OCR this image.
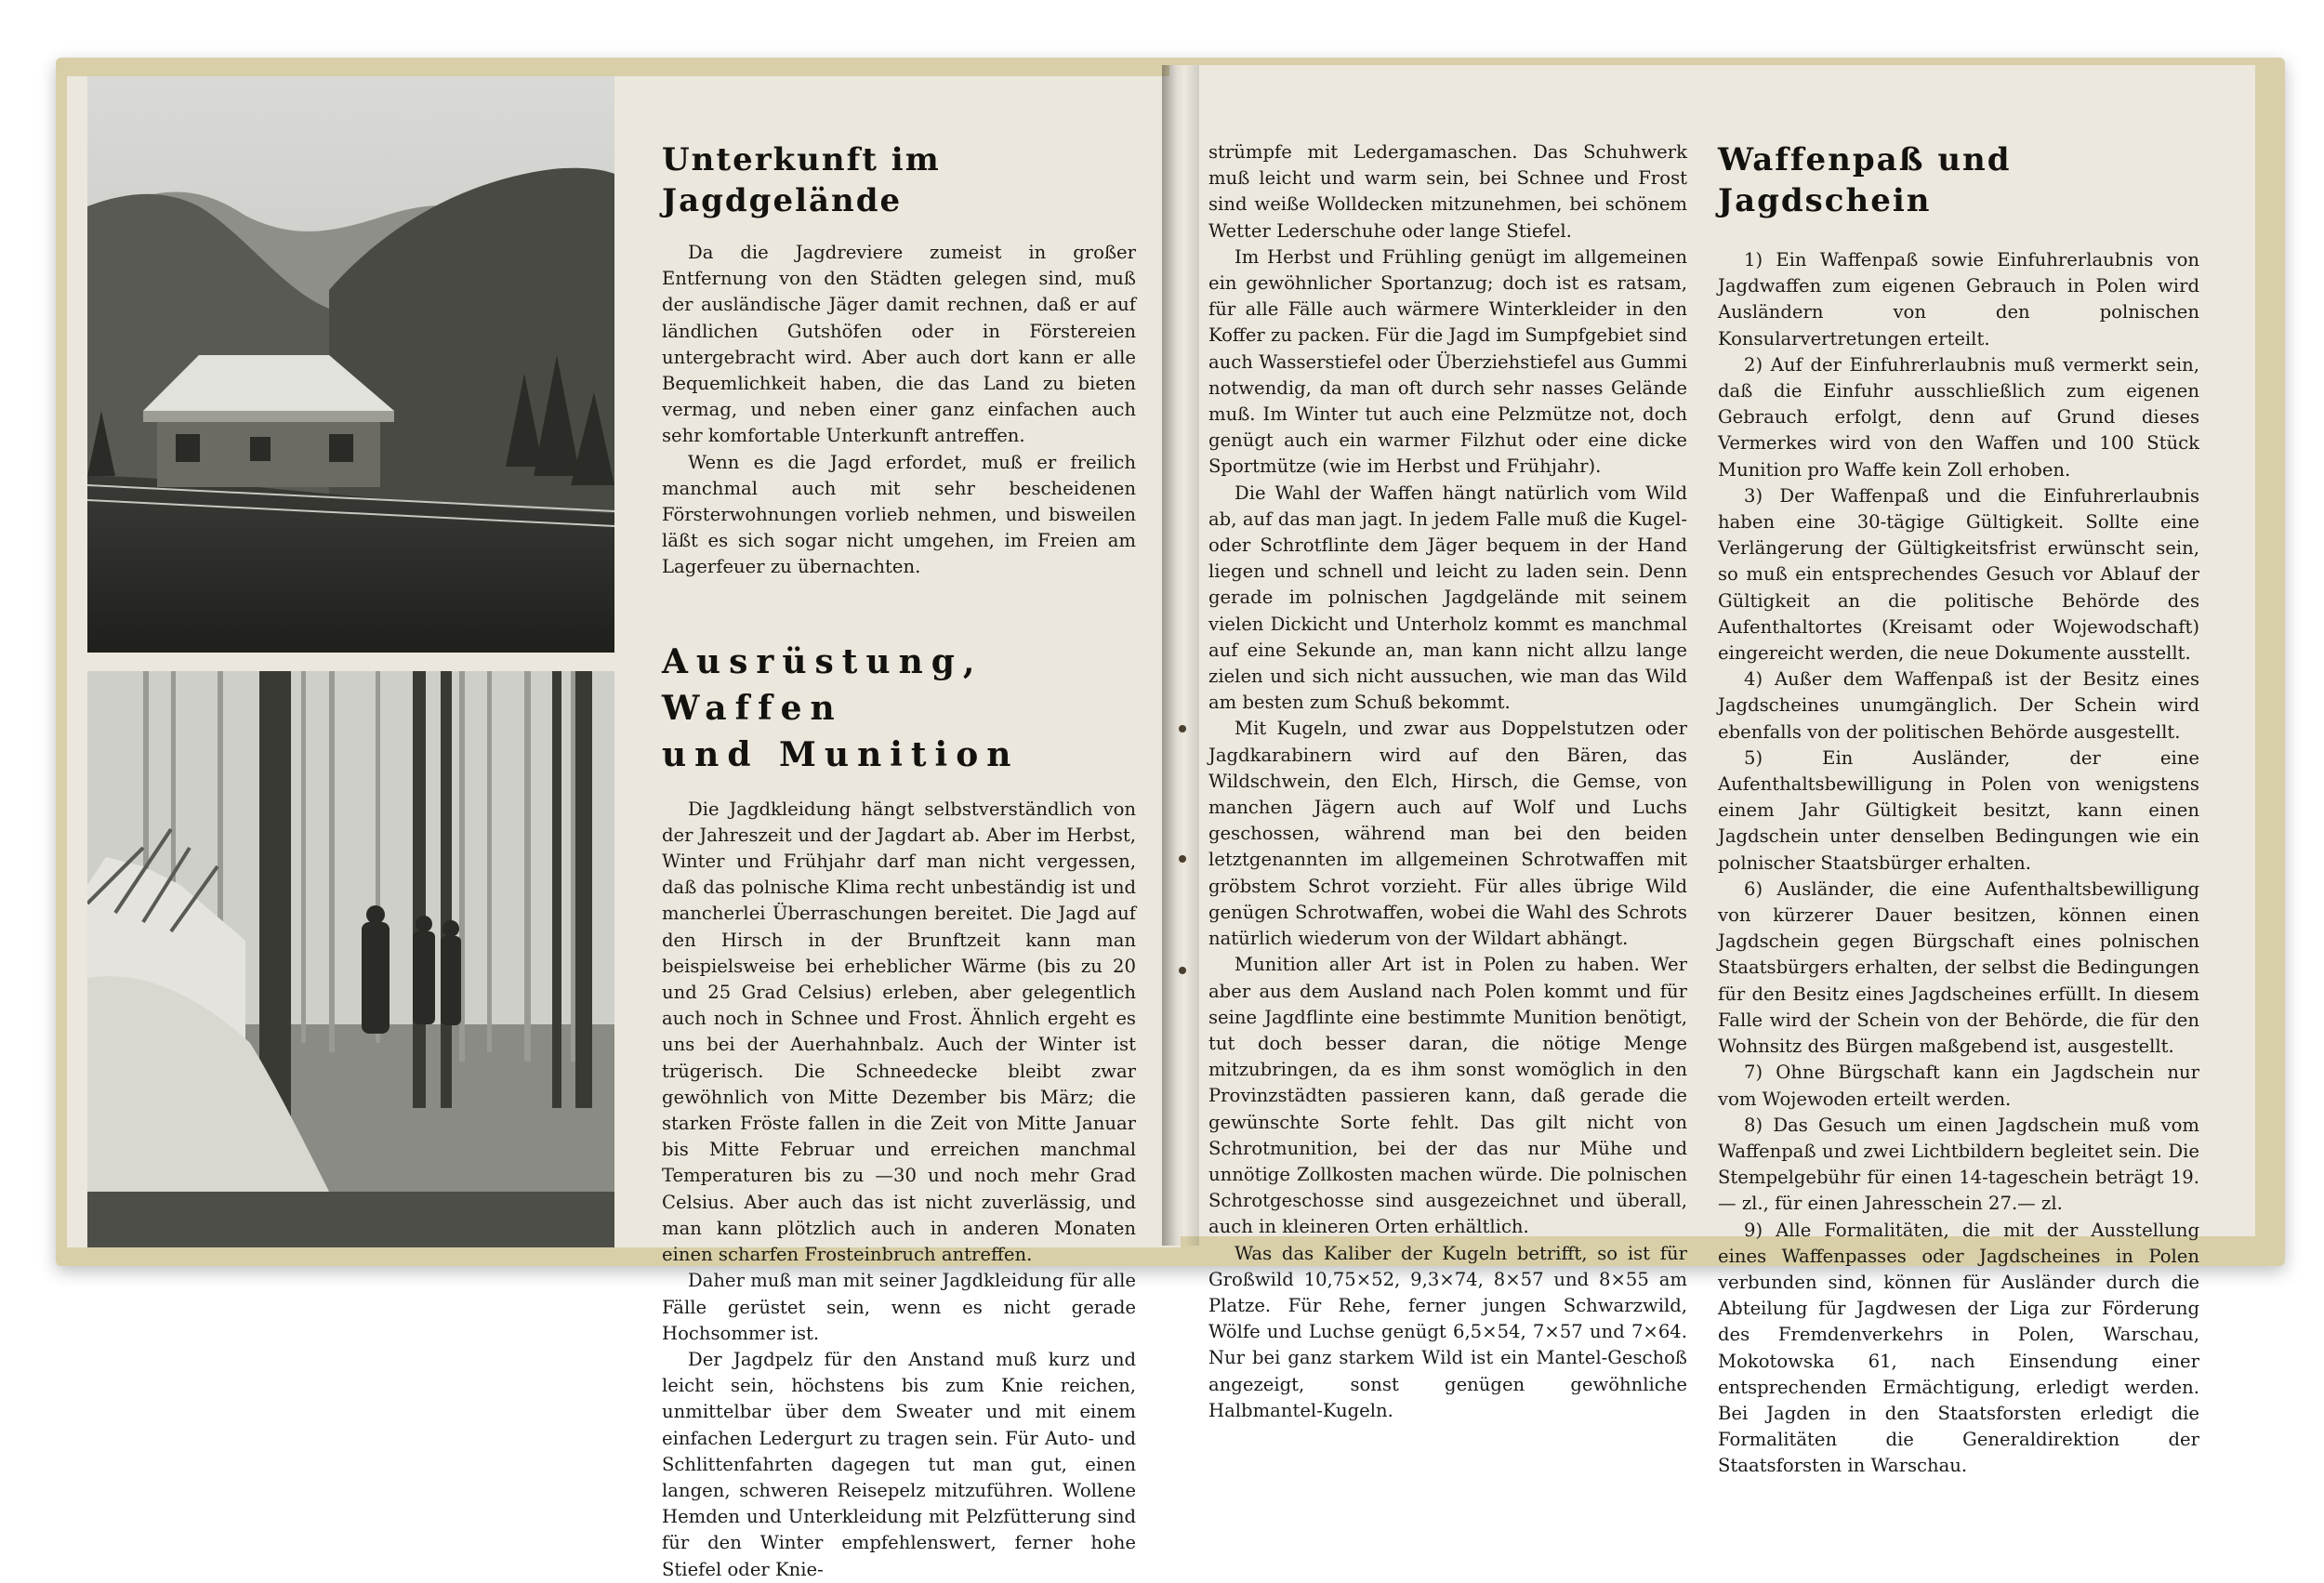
Unterkunft im Jagdgelände

Da die Jagdreviere zumeist in großer Entfernung von den Städten gelegen sind, muß der ausländische Jäger damit rechnen, daß er auf ländlichen Gutshöfen oder in Förstereien untergebracht wird. Aber auch dort kann er alle Bequemlichkeit haben, die das Land zu bieten vermag, und neben einer ganz einfachen auch sehr komfortable Unterkunft antreffen.

Wenn es die Jagd erfordet, muß er freilich manchmal auch mit sehr bescheidenen Försterwohnungen vorlieb nehmen, und bisweilen läßt es sich sogar nicht umgehen, im Freien am Lagerfeuer zu übernachten.

Ausrüstung, Waffen
und Munition

Die Jagdkleidung hängt selbstverständlich von der Jahreszeit und der Jagdart ab. Aber im Herbst, Winter und Frühjahr darf man nicht vergessen, daß das polnische Klima recht unbeständig ist und mancherlei Überraschungen bereitet. Die Jagd auf den Hirsch in der Brunftzeit kann man beispielsweise bei erheblicher Wärme (bis zu 20 und 25 Grad Celsius) erleben, aber gelegentlich auch noch in Schnee und Frost. Ähnlich ergeht es uns bei der Auerhahnbalz. Auch der Winter ist trügerisch. Die Schneedecke bleibt zwar gewöhnlich von Mitte Dezember bis März; die starken Fröste fallen in die Zeit von Mitte Januar bis Mitte Februar und erreichen manchmal Temperaturen bis zu —30 und noch mehr Grad Celsius. Aber auch das ist nicht zuverlässig, und man kann plötzlich auch in anderen Monaten einen scharfen Frosteinbruch antreffen.

Daher muß man mit seiner Jagdkleidung für alle Fälle gerüstet sein, wenn es nicht gerade Hochsommer ist.

Der Jagdpelz für den Anstand muß kurz und leicht sein, höchstens bis zum Knie reichen, unmittelbar über dem Sweater und mit einem einfachen Ledergurt zu tragen sein. Für Auto- und Schlittenfahrten dagegen tut man gut, einen langen, schweren Reisepelz mitzuführen. Wollene Hemden und Unterkleidung mit Pelzfütterung sind für den Winter empfehlenswert, ferner hohe Stiefel oder Knie-

strümpfe mit Ledergamaschen. Das Schuhwerk muß leicht und warm sein, bei Schnee und Frost sind weiße Wolldecken mitzunehmen, bei schönem Wetter Lederschuhe oder lange Stiefel.

Im Herbst und Frühling genügt im allgemeinen ein gewöhnlicher Sportanzug; doch ist es ratsam, für alle Fälle auch wärmere Winterkleider in den Koffer zu packen. Für die Jagd im Sumpfgebiet sind auch Wasserstiefel oder Überziehstiefel aus Gummi notwendig, da man oft durch sehr nasses Gelände muß. Im Winter tut auch eine Pelzmütze not, doch genügt auch ein warmer Filzhut oder eine dicke Sportmütze (wie im Herbst und Frühjahr).

Die Wahl der Waffen hängt natürlich vom Wild ab, auf das man jagt. In jedem Falle muß die Kugel- oder Schrotflinte dem Jäger bequem in der Hand liegen und schnell und leicht zu laden sein. Denn gerade im polnischen Jagdgelände mit seinem vielen Dickicht und Unterholz kommt es manchmal auf eine Sekunde an, man kann nicht allzu lange zielen und sich nicht aussuchen, wie man das Wild am besten zum Schuß bekommt.

Mit Kugeln, und zwar aus Doppelstutzen oder Jagdkarabinern wird auf den Bären, das Wildschwein, den Elch, Hirsch, die Gemse, von manchen Jägern auch auf Wolf und Luchs geschossen, während man bei den beiden letztgenannten im allgemeinen Schrotwaffen mit gröbstem Schrot vorzieht. Für alles übrige Wild genügen Schrotwaffen, wobei die Wahl des Schrots natürlich wiederum von der Wildart abhängt.

Munition aller Art ist in Polen zu haben. Wer aber aus dem Ausland nach Polen kommt und für seine Jagdflinte eine bestimmte Munition benötigt, tut doch besser daran, die nötige Menge mitzubringen, da es ihm sonst womöglich in den Provinzstädten passieren kann, daß gerade die gewünschte Sorte fehlt. Das gilt nicht von Schrotmunition, bei der das nur Mühe und unnötige Zollkosten machen würde. Die polnischen Schrotgeschosse sind ausgezeichnet und überall, auch in kleineren Orten erhältlich.

Was das Kaliber der Kugeln betrifft, so ist für Großwild 10,75×52, 9,3×74, 8×57 und 8×55 am Platze. Für Rehe, ferner jungen Schwarzwild, Wölfe und Luchse genügt 6,5×54, 7×57 und 7×64. Nur bei ganz starkem Wild ist ein Mantel-Geschoß angezeigt, sonst genügen gewöhnliche Halbmantel-Kugeln.

Waffenpaß und Jagdschein

1) Ein Waffenpaß sowie Einfuhrerlaubnis von Jagdwaffen zum eigenen Gebrauch in Polen wird Ausländern von den polnischen Konsularvertretungen erteilt.

2) Auf der Einfuhrerlaubnis muß vermerkt sein, daß die Einfuhr ausschließlich zum eigenen Gebrauch erfolgt, denn auf Grund dieses Vermerkes wird von den Waffen und 100 Stück Munition pro Waffe kein Zoll erhoben.

3) Der Waffenpaß und die Einfuhrerlaubnis haben eine 30-tägige Gültigkeit. Sollte eine Verlängerung der Gültigkeitsfrist erwünscht sein, so muß ein entsprechendes Gesuch vor Ablauf der Gültigkeit an die politische Behörde des Aufenthaltortes (Kreisamt oder Wojewodschaft) eingereicht werden, die neue Dokumente ausstellt.

4) Außer dem Waffenpaß ist der Besitz eines Jagdscheines unumgänglich. Der Schein wird ebenfalls von der politischen Behörde ausgestellt.

5) Ein Ausländer, der eine Aufenthaltsbewilligung in Polen von wenigstens einem Jahr Gültigkeit besitzt, kann einen Jagdschein unter denselben Bedingungen wie ein polnischer Staatsbürger erhalten.

6) Ausländer, die eine Aufenthaltsbewilligung von kürzerer Dauer besitzen, können einen Jagdschein gegen Bürgschaft eines polnischen Staatsbürgers erhalten, der selbst die Bedingungen für den Besitz eines Jagdscheines erfüllt. In diesem Falle wird der Schein von der Behörde, die für den Wohnsitz des Bürgen maßgebend ist, ausgestellt.

7) Ohne Bürgschaft kann ein Jagdschein nur vom Wojewoden erteilt werden.

8) Das Gesuch um einen Jagdschein muß vom Waffenpaß und zwei Lichtbildern begleitet sein. Die Stempelgebühr für einen 14-tageschein beträgt 19.— zl., für einen Jahresschein 27.— zl.

9) Alle Formalitäten, die mit der Ausstellung eines Waffenpasses oder Jagdscheines in Polen verbunden sind, können für Ausländer durch die Abteilung für Jagdwesen der Liga zur Förderung des Fremdenverkehrs in Polen, Warschau, Mokotowska 61, nach Einsendung einer entsprechenden Ermächtigung, erledigt werden. Bei Jagden in den Staatsforsten erledigt die Formalitäten die Generaldirektion der Staatsforsten in Warschau.
